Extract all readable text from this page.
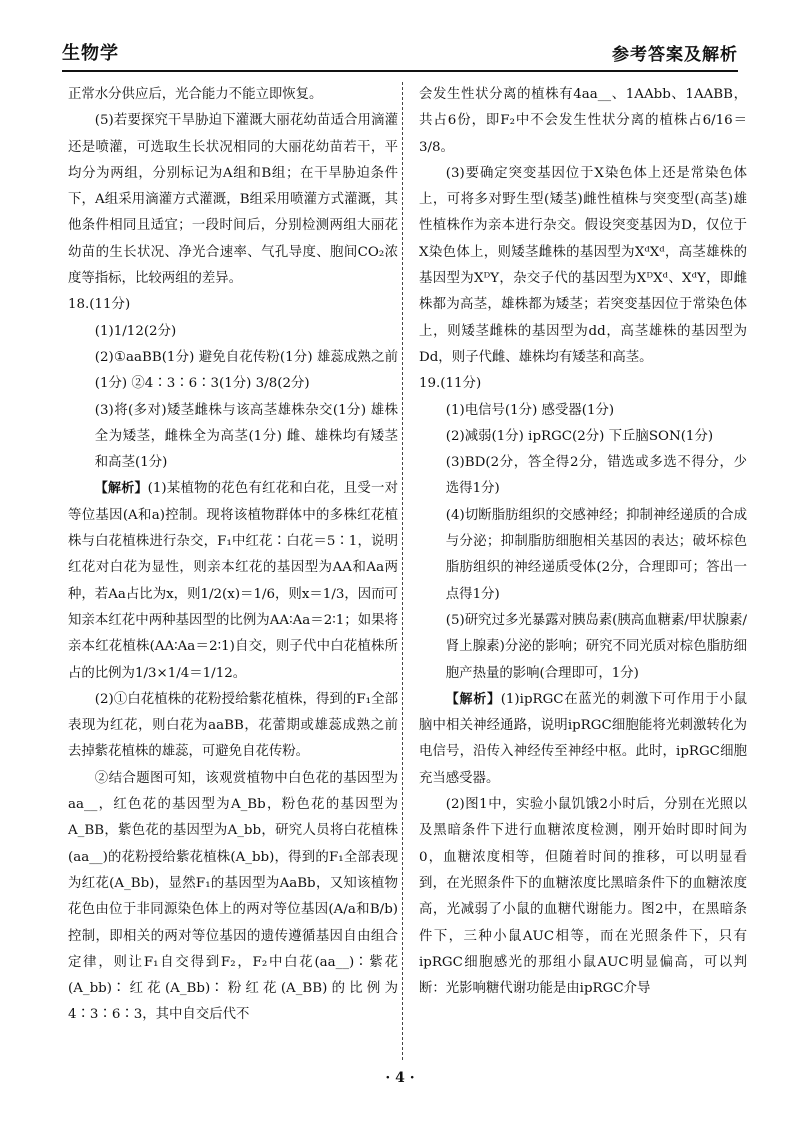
生物学	参考答案及解析

正常水分供应后，光合能力不能立即恢复。

(5)若要探究干旱胁迫下灌溉大丽花幼苗适合用滴灌还是喷灌，可选取生长状况相同的大丽花幼苗若干，平均分为两组，分别标记为A组和B组；在干旱胁迫条件下，A组采用滴灌方式灌溉，B组采用喷灌方式灌溉，其他条件相同且适宜；一段时间后，分别检测两组大丽花幼苗的生长状况、净光合速率、气孔导度、胞间CO₂浓度等指标，比较两组的差异。

18.(11分)

(1)1/12(2分)

(2)①aaBB(1分) 避免自花传粉(1分) 雄蕊成熟之前(1分) ②4∶3∶6∶3(1分) 3/8(2分)

(3)将(多对)矮茎雌株与该高茎雄株杂交(1分) 雄株全为矮茎，雌株全为高茎(1分) 雌、雄株均有矮茎和高茎(1分)

【解析】(1)某植物的花色有红花和白花，且受一对等位基因(A和a)控制。现将该植物群体中的多株红花植株与白花植株进行杂交，F₁中红花∶白花＝5∶1，说明红花对白花为显性，则亲本红花的基因型为AA和Aa两种，若Aa占比为x，则1/2(x)＝1/6，则x＝1/3，因而可知亲本红花中两种基因型的比例为AA∶Aa＝2∶1；如果将亲本红花植株(AA∶Aa＝2∶1)自交，则子代中白花植株所占的比例为1/3×1/4＝1/12。

(2)①白花植株的花粉授给紫花植株，得到的F₁全部表现为红花，则白花为aaBB，花蕾期或雄蕊成熟之前去掉紫花植株的雄蕊，可避免自花传粉。

②结合题图可知，该观赏植物中白色花的基因型为aa__，红色花的基因型为A_Bb，粉色花的基因型为A_BB，紫色花的基因型为A_bb，研究人员将白花植株(aa__)的花粉授给紫花植株(A_bb)，得到的F₁全部表现为红花(A_Bb)，显然F₁的基因型为AaBb，又知该植物花色由位于非同源染色体上的两对等位基因(A/a和B/b)控制，即相关的两对等位基因的遗传遵循基因自由组合定律，则让F₁自交得到F₂，F₂中白花(aa__)∶紫花(A_bb)∶红花(A_Bb)∶粉红花(A_BB)的比例为4∶3∶6∶3，其中自交后代不

会发生性状分离的植株有4aa__、1AAbb、1AABB，共占6份，即F₂中不会发生性状分离的植株占6/16＝3/8。

(3)要确定突变基因位于X染色体上还是常染色体上，可将多对野生型(矮茎)雌性植株与突变型(高茎)雄性植株作为亲本进行杂交。假设突变基因为D，仅位于X染色体上，则矮茎雌株的基因型为XᵈXᵈ，高茎雄株的基因型为XᴰY，杂交子代的基因型为XᴰXᵈ、XᵈY，即雌株都为高茎，雄株都为矮茎；若突变基因位于常染色体上，则矮茎雌株的基因型为dd，高茎雄株的基因型为Dd，则子代雌、雄株均有矮茎和高茎。

19.(11分)

(1)电信号(1分) 感受器(1分)

(2)减弱(1分) ipRGC(2分) 下丘脑SON(1分)

(3)BD(2分，答全得2分，错选或多选不得分，少选得1分)

(4)切断脂肪组织的交感神经；抑制神经递质的合成与分泌；抑制脂肪细胞相关基因的表达；破坏棕色脂肪组织的神经递质受体(2分，合理即可；答出一点得1分)

(5)研究过多光暴露对胰岛素(胰高血糖素/甲状腺素/肾上腺素)分泌的影响；研究不同光质对棕色脂肪细胞产热量的影响(合理即可，1分)

【解析】(1)ipRGC在蓝光的刺激下可作用于小鼠脑中相关神经通路，说明ipRGC细胞能将光刺激转化为电信号，沿传入神经传至神经中枢。此时，ipRGC细胞充当感受器。

(2)图1中，实验小鼠饥饿2小时后，分别在光照以及黑暗条件下进行血糖浓度检测，刚开始时即时间为0，血糖浓度相等，但随着时间的推移，可以明显看到，在光照条件下的血糖浓度比黑暗条件下的血糖浓度高，光减弱了小鼠的血糖代谢能力。图2中，在黑暗条件下，三种小鼠AUC相等，而在光照条件下，只有ipRGC细胞感光的那组小鼠AUC明显偏高，可以判断：光影响糖代谢功能是由ipRGC介导

· 4 ·
